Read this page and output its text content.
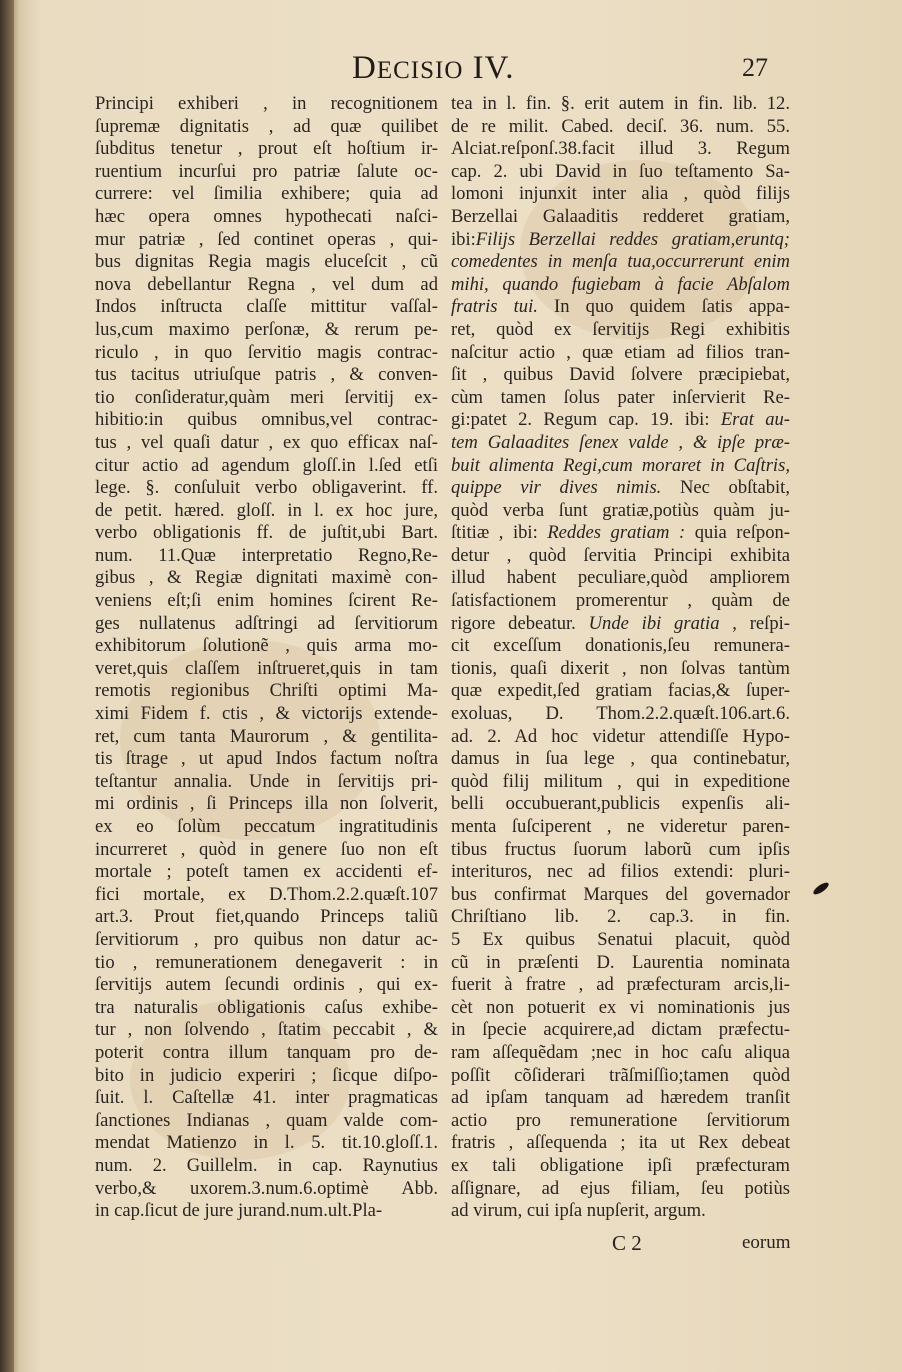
DECISIO IV.	27
Principi exhiberi , in recognitionem
ſupremæ dignitatis , ad quæ quilibet
ſubditus tenetur , prout eſt hoſtium ir-
ruentium incurſui pro patriæ ſalute oc-
currere: vel ſimilia exhibere; quia ad
hæc opera omnes hypothecati naſci-
mur patriæ , ſed continet operas , qui-
bus dignitas Regia magis eluceſcit , cũ
nova debellantur Regna , vel dum ad
Indos inſtructa claſſe mittitur vaſſal-
lus,cum maximo perſonæ, & rerum pe-
riculo , in quo ſervitio magis contrac-
tus tacitus utriuſque patris , & conven-
tio conſideratur,quàm meri ſervitij ex-
hibitio:in quibus omnibus,vel contrac-
tus , vel quaſi datur , ex quo efficax naſ-
citur actio ad agendum gloſſ.in l.ſed etſi
lege. §. conſuluit verbo obligaverint. ff.
de petit. hæred. gloſſ. in l. ex hoc jure,
verbo obligationis ff. de juſtit,ubi Bart.
num. 11.Quæ interpretatio Regno,Re-
gibus , & Regiæ dignitati maximè con-
veniens eſt;ſi enim homines ſcirent Re-
ges nullatenus adſtringi ad ſervitiorum
exhibitorum ſolutionẽ , quis arma mo-
veret,quis claſſem inſtrueret,quis in tam
remotis regionibus Chriſti optimi Ma-
ximi Fidem f. ctis , & victorijs extende-
ret, cum tanta Maurorum , & gentilita-
tis ſtrage , ut apud Indos factum noſtra
teſtantur annalia. Unde in ſervitijs pri-
mi ordinis , ſi Princeps illa non ſolverit,
ex eo ſolùm peccatum ingratitudinis
incurreret , quòd in genere ſuo non eſt
mortale ; poteſt tamen ex accidenti ef-
fici mortale, ex D.Thom.2.2.quæſt.107
art.3. Prout fiet,quando Princeps taliũ
ſervitiorum , pro quibus non datur ac-
tio , remunerationem denegaverit : in
ſervitijs autem ſecundi ordinis , qui ex-
tra naturalis obligationis caſus exhibe-
tur , non ſolvendo , ſtatim peccabit , &
poterit contra illum tanquam pro de-
bito in judicio experiri ; ſicque diſpo-
ſuit. l. Caſtellæ 41. inter pragmaticas
ſanctiones Indianas , quam valde com-
mendat Matienzo in l. 5. tit.10.gloſſ.1.
num. 2. Guillelm. in cap. Raynutius
verbo,& uxorem.3.num.6.optimè Abb.
in cap.ſicut de jure jurand.num.ult.Pla-
tea in l. fin. §. erit autem in fin. lib. 12.
de re milit. Cabed. deciſ. 36. num. 55.
Alciat.reſponſ.38.facit illud 3. Regum
cap. 2. ubi David in ſuo teſtamento Sa-
lomoni injunxit inter alia , quòd filijs
Berzellai Galaaditis redderet gratiam,
ibi:Filijs Berzellai reddes gratiam,eruntq;
comedentes in menſa tua,occurrerunt enim
mihi, quando fugiebam à facie Abſalom
fratris tui. In quo quidem ſatis appa-
ret, quòd ex ſervitijs Regi exhibitis
naſcitur actio , quæ etiam ad filios tran-
ſit , quibus David ſolvere præcipiebat,
cùm tamen ſolus pater inſervierit Re-
gi:patet 2. Regum cap. 19. ibi: Erat au-
tem Galaadites ſenex valde , & ipſe præ-
buit alimenta Regi,cum moraret in Caſtris,
quippe vir dives nimis. Nec obſtabit,
quòd verba ſunt gratiæ,potiùs quàm ju-
ſtitiæ , ibi: Reddes gratiam : quia reſpon-
detur , quòd ſervitia Principi exhibita
illud habent peculiare,quòd ampliorem
ſatisfactionem promerentur , quàm de
rigore debeatur. Unde ibi gratia , reſpi-
cit exceſſum donationis,ſeu remunera-
tionis, quaſi dixerit , non ſolvas tantùm
quæ expedit,ſed gratiam facias,& ſuper-
exoluas, D. Thom.2.2.quæſt.106.art.6.
ad. 2. Ad hoc videtur attendiſſe Hypo-
damus in ſua lege , qua continebatur,
quòd filij militum , qui in expeditione
belli occubuerant,publicis expenſis ali-
menta ſuſciperent , ne videretur paren-
tibus fructus ſuorum laborũ cum ipſis
interituros, nec ad filios extendi: pluri-
bus confirmat Marques del governador
Chriſtiano lib. 2. cap.3. in fin.
5 Ex quibus Senatui placuit, quòd
cũ in præſenti D. Laurentia nominata
fuerit à fratre , ad præfecturam arcis,li-
cèt non potuerit ex vi nominationis jus
in ſpecie acquirere,ad dictam præfectu-
ram aſſequẽdam ;nec in hoc caſu aliqua
poſſit cõſiderari trãſmiſſio;tamen quòd
ad ipſam tanquam ad hæredem tranſit
actio pro remuneratione ſervitiorum
fratris , aſſequenda ; ita ut Rex debeat
ex tali obligatione ipſi præfecturam
aſſignare, ad ejus filiam, ſeu potiùs
ad virum, cui ipſa nupſerit, argum.
C 2	eorum
